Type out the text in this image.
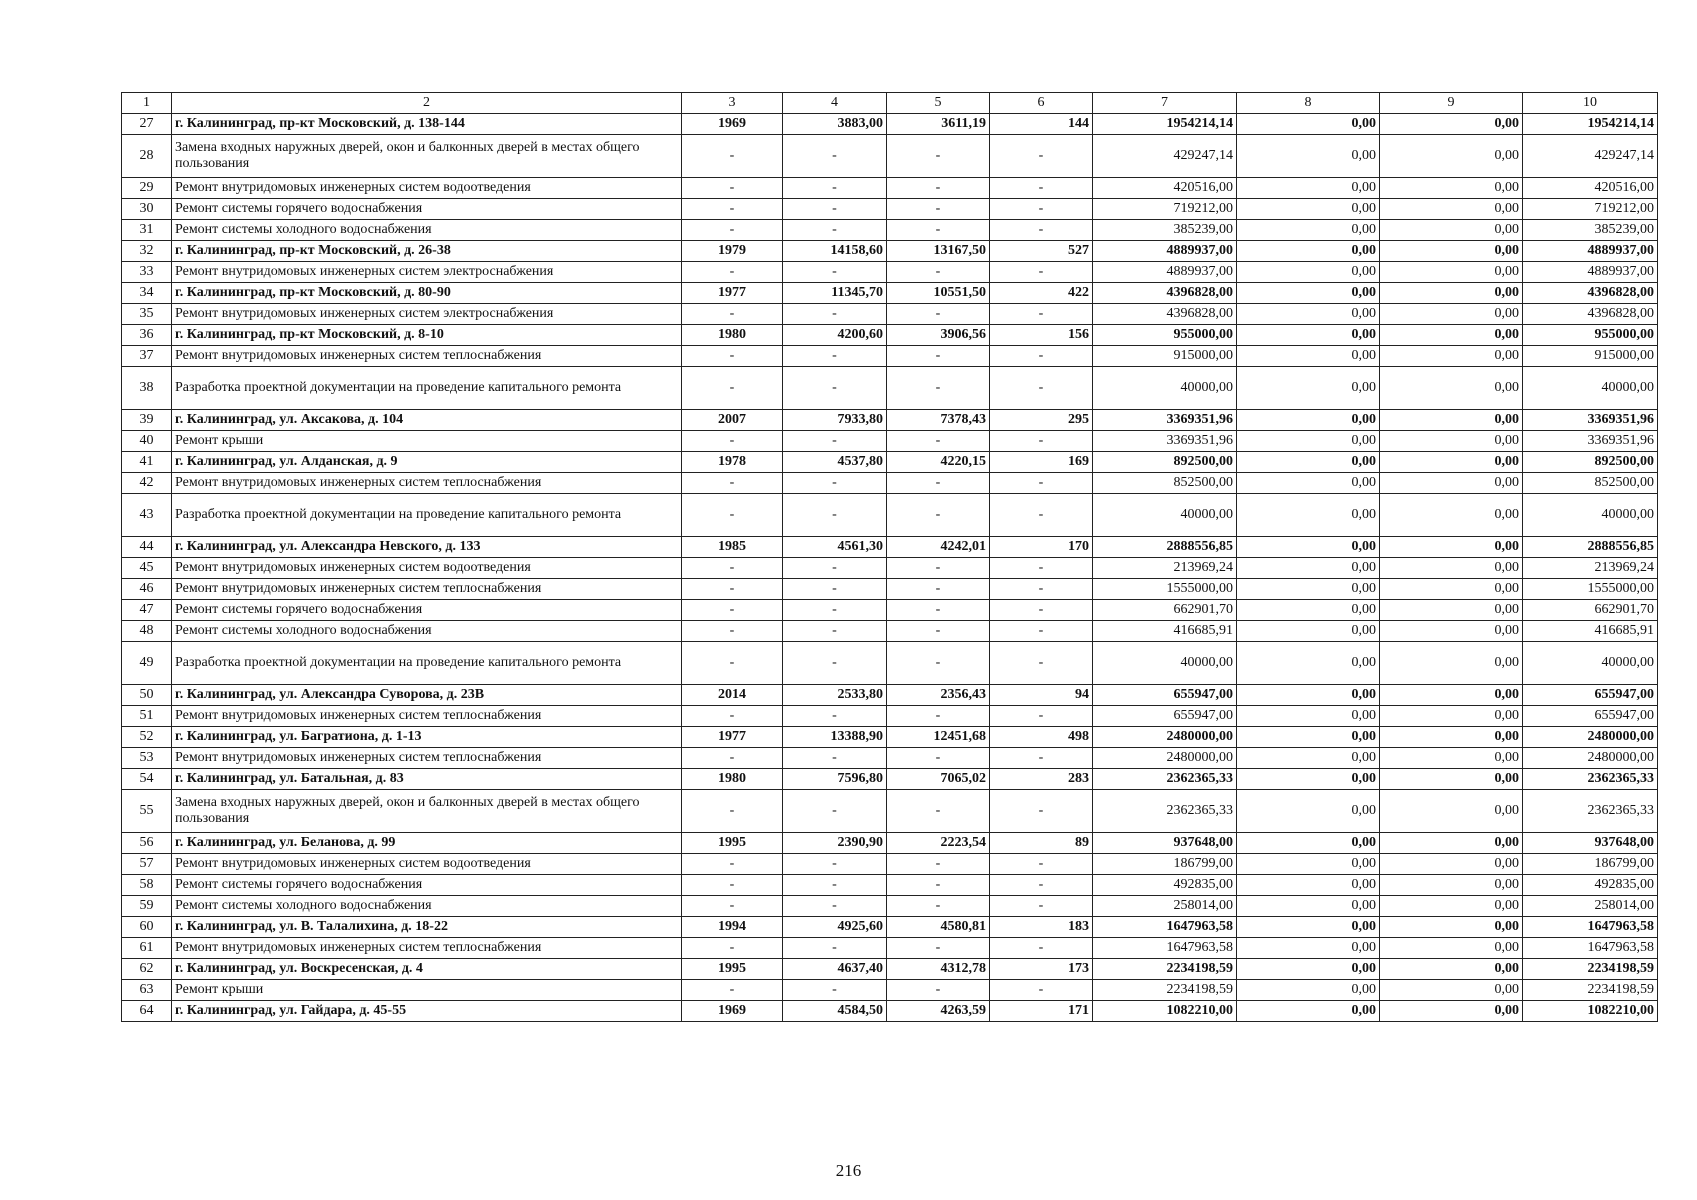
1	2	3	4	5	6	7	8	9	10
27	г. Калининград, пр-кт Московский, д. 138-144	1969	3883,00	3611,19	144	1954214,14	0,00	0,00	1954214,14
28	Замена входных наружных дверей, окон и балконных дверей в местах общего пользования	-	-	-	-	429247,14	0,00	0,00	429247,14
29	Ремонт внутридомовых инженерных систем водоотведения	-	-	-	-	420516,00	0,00	0,00	420516,00
30	Ремонт системы горячего водоснабжения	-	-	-	-	719212,00	0,00	0,00	719212,00
31	Ремонт системы холодного водоснабжения	-	-	-	-	385239,00	0,00	0,00	385239,00
32	г. Калининград, пр-кт Московский, д. 26-38	1979	14158,60	13167,50	527	4889937,00	0,00	0,00	4889937,00
33	Ремонт внутридомовых инженерных систем электроснабжения	-	-	-	-	4889937,00	0,00	0,00	4889937,00
34	г. Калининград, пр-кт Московский, д. 80-90	1977	11345,70	10551,50	422	4396828,00	0,00	0,00	4396828,00
35	Ремонт внутридомовых инженерных систем электроснабжения	-	-	-	-	4396828,00	0,00	0,00	4396828,00
36	г. Калининград, пр-кт Московский, д. 8-10	1980	4200,60	3906,56	156	955000,00	0,00	0,00	955000,00
37	Ремонт внутридомовых инженерных систем теплоснабжения	-	-	-	-	915000,00	0,00	0,00	915000,00
38	Разработка проектной документации на проведение капитального ремонта	-	-	-	-	40000,00	0,00	0,00	40000,00
39	г. Калининград, ул. Аксакова, д. 104	2007	7933,80	7378,43	295	3369351,96	0,00	0,00	3369351,96
40	Ремонт крыши	-	-	-	-	3369351,96	0,00	0,00	3369351,96
41	г. Калининград, ул. Алданская, д. 9	1978	4537,80	4220,15	169	892500,00	0,00	0,00	892500,00
42	Ремонт внутридомовых инженерных систем теплоснабжения	-	-	-	-	852500,00	0,00	0,00	852500,00
43	Разработка проектной документации на проведение капитального ремонта	-	-	-	-	40000,00	0,00	0,00	40000,00
44	г. Калининград, ул. Александра Невского, д. 133	1985	4561,30	4242,01	170	2888556,85	0,00	0,00	2888556,85
45	Ремонт внутридомовых инженерных систем водоотведения	-	-	-	-	213969,24	0,00	0,00	213969,24
46	Ремонт внутридомовых инженерных систем теплоснабжения	-	-	-	-	1555000,00	0,00	0,00	1555000,00
47	Ремонт системы горячего водоснабжения	-	-	-	-	662901,70	0,00	0,00	662901,70
48	Ремонт системы холодного водоснабжения	-	-	-	-	416685,91	0,00	0,00	416685,91
49	Разработка проектной документации на проведение капитального ремонта	-	-	-	-	40000,00	0,00	0,00	40000,00
50	г. Калининград, ул. Александра Суворова, д. 23В	2014	2533,80	2356,43	94	655947,00	0,00	0,00	655947,00
51	Ремонт внутридомовых инженерных систем теплоснабжения	-	-	-	-	655947,00	0,00	0,00	655947,00
52	г. Калининград, ул. Багратиона, д. 1-13	1977	13388,90	12451,68	498	2480000,00	0,00	0,00	2480000,00
53	Ремонт внутридомовых инженерных систем теплоснабжения	-	-	-	-	2480000,00	0,00	0,00	2480000,00
54	г. Калининград, ул. Батальная, д. 83	1980	7596,80	7065,02	283	2362365,33	0,00	0,00	2362365,33
55	Замена входных наружных дверей, окон и балконных дверей в местах общего пользования	-	-	-	-	2362365,33	0,00	0,00	2362365,33
56	г. Калининград, ул. Беланова, д. 99	1995	2390,90	2223,54	89	937648,00	0,00	0,00	937648,00
57	Ремонт внутридомовых инженерных систем водоотведения	-	-	-	-	186799,00	0,00	0,00	186799,00
58	Ремонт системы горячего водоснабжения	-	-	-	-	492835,00	0,00	0,00	492835,00
59	Ремонт системы холодного водоснабжения	-	-	-	-	258014,00	0,00	0,00	258014,00
60	г. Калининград, ул. В. Талалихина, д. 18-22	1994	4925,60	4580,81	183	1647963,58	0,00	0,00	1647963,58
61	Ремонт внутридомовых инженерных систем теплоснабжения	-	-	-	-	1647963,58	0,00	0,00	1647963,58
62	г. Калининград, ул. Воскресенская, д. 4	1995	4637,40	4312,78	173	2234198,59	0,00	0,00	2234198,59
63	Ремонт крыши	-	-	-	-	2234198,59	0,00	0,00	2234198,59
64	г. Калининград, ул. Гайдара, д. 45-55	1969	4584,50	4263,59	171	1082210,00	0,00	0,00	1082210,00
216
